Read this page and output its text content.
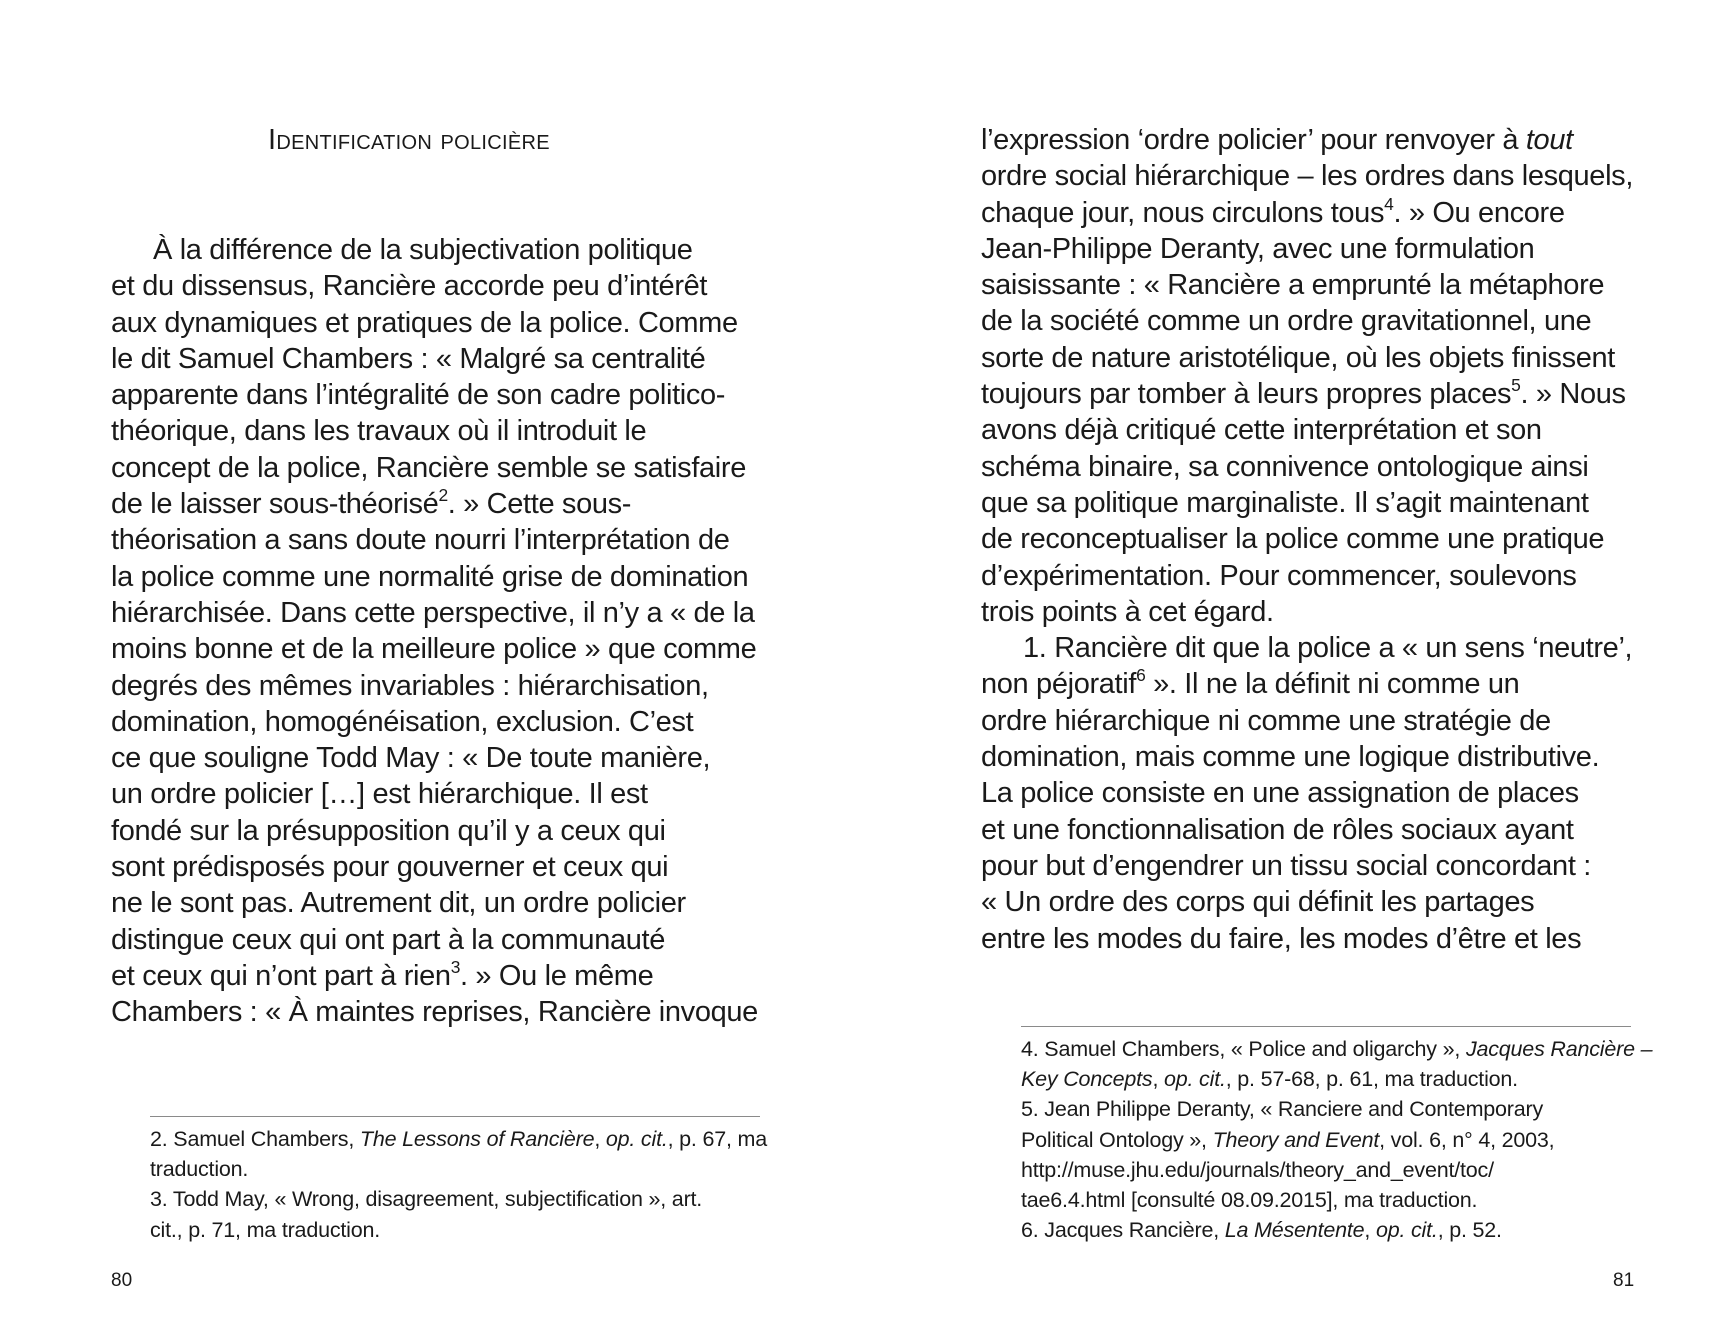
Identification policière
À la différence de la subjectivation politique
et du dissensus, Rancière accorde peu d’intérêt
aux dynamiques et pratiques de la police. Comme
le dit Samuel Chambers : « Malgré sa centralité
apparente dans l’intégralité de son cadre politico-
théorique, dans les travaux où il introduit le
concept de la police, Rancière semble se satisfaire
de le laisser sous-théorisé$^2$. » Cette sous-
théorisation a sans doute nourri l’interprétation de
la police comme une normalité grise de domination
hiérarchisée. Dans cette perspective, il n’y a « de la
moins bonne et de la meilleure police » que comme
degrés des mêmes invariables : hiérarchisation,
domination, homogénéisation, exclusion. C’est
ce que souligne Todd May : « De toute manière,
un ordre policier […] est hiérarchique. Il est
fondé sur la présupposition qu’il y a ceux qui
sont prédisposés pour gouverner et ceux qui
ne le sont pas. Autrement dit, un ordre policier
distingue ceux qui ont part à la communauté
et ceux qui n’ont part à rien$^3$. » Ou le même
Chambers : « À maintes reprises, Rancière invoque
2. Samuel Chambers, The Lessons of Rancière, op. cit., p. 67, ma
traduction.
3. Todd May, « Wrong, disagreement, subjectification », art.
cit., p. 71, ma traduction.
80
l’expression ‘ordre policier’ pour renvoyer à tout
ordre social hiérarchique – les ordres dans lesquels,
chaque jour, nous circulons tous$^4$. » Ou encore
Jean-Philippe Deranty, avec une formulation
saisissante : « Rancière a emprunté la métaphore
de la société comme un ordre gravitationnel, une
sorte de nature aristotélique, où les objets finissent
toujours par tomber à leurs propres places$^5$. » Nous
avons déjà critiqué cette interprétation et son
schéma binaire, sa connivence ontologique ainsi
que sa politique marginaliste. Il s’agit maintenant
de reconceptualiser la police comme une pratique
d’expérimentation. Pour commencer, soulevons
trois points à cet égard.
1. Rancière dit que la police a « un sens ‘neutre’,
non péjoratif$^6$ ». Il ne la définit ni comme un
ordre hiérarchique ni comme une stratégie de
domination, mais comme une logique distributive.
La police consiste en une assignation de places
et une fonctionnalisation de rôles sociaux ayant
pour but d’engendrer un tissu social concordant :
« Un ordre des corps qui définit les partages
entre les modes du faire, les modes d’être et les
4. Samuel Chambers, « Police and oligarchy », Jacques Rancière –
Key Concepts, op. cit., p. 57-68, p. 61, ma traduction.
5. Jean Philippe Deranty, « Ranciere and Contemporary
Political Ontology », Theory and Event, vol. 6, n° 4, 2003,
http://muse.jhu.edu/journals/theory_and_event/toc/
tae6.4.html [consulté 08.09.2015], ma traduction.
6. Jacques Rancière, La Mésentente, op. cit., p. 52.
81
